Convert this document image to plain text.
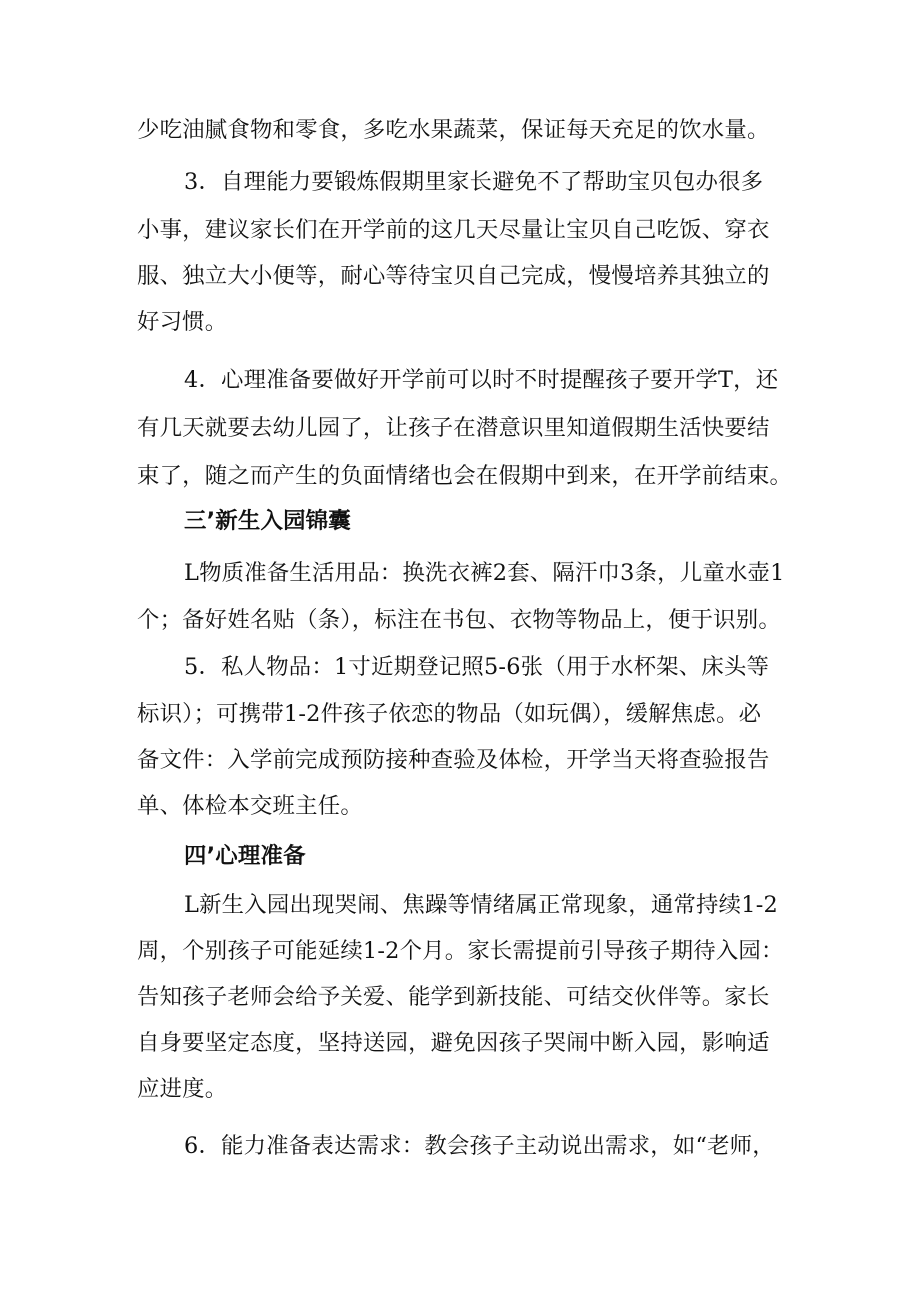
少吃油腻食物和零食，多吃水果蔬菜，保证每天充足的饮水量。
3．自理能力要锻炼假期里家长避免不了帮助宝贝包办很多
小事，建议家长们在开学前的这几天尽量让宝贝自己吃饭、穿衣
服、独立大小便等，耐心等待宝贝自己完成，慢慢培养其独立的
好习惯。
4．心理准备要做好开学前可以时不时提醒孩子要开学T，还
有几天就要去幼儿园了，让孩子在潜意识里知道假期生活快要结
束了，随之而产生的负面情绪也会在假期中到来，在开学前结束。
三’新生入园锦囊
L物质准备生活用品：换洗衣裤2套、隔汗巾3条，儿童水壶1
个；备好姓名贴（条），标注在书包、衣物等物品上，便于识别。
5．私人物品：1寸近期登记照5-6张（用于水杯架、床头等
标识）；可携带1-2件孩子依恋的物品（如玩偶），缓解焦虑。必
备文件：入学前完成预防接种查验及体检，开学当天将查验报告
单、体检本交班主任。
四’心理准备
L新生入园出现哭闹、焦躁等情绪属正常现象，通常持续1-2
周，个别孩子可能延续1-2个月。家长需提前引导孩子期待入园：
告知孩子老师会给予关爱、能学到新技能、可结交伙伴等。家长
自身要坚定态度，坚持送园，避免因孩子哭闹中断入园，影响适
应进度。
6．能力准备表达需求：教会孩子主动说出需求，如“老师，
